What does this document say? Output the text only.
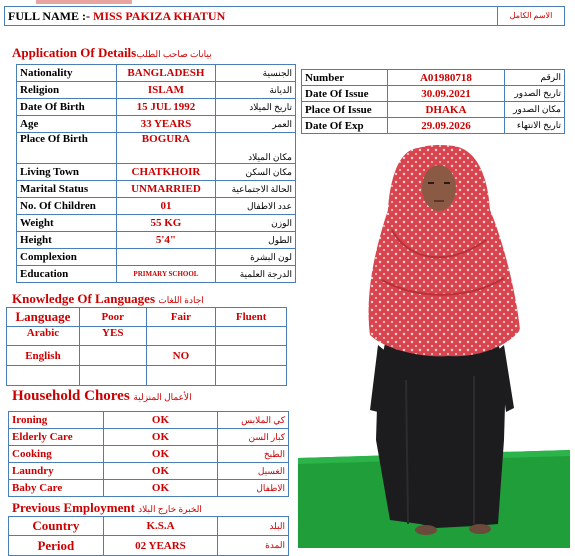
FULL NAME :- MISS PAKIZA KHATUN	الاسم الكامل
Application Of Detailsبيانات صاحب الطلب
Nationality	BANGLADESH	الجنسية
Religion	ISLAM	الديانة
Date Of Birth	15 JUL 1992	تاريخ الميلاد
Age	33 YEARS	العمر
Place Of Birth	BOGURA	مكان الميلاد
Living Town	CHATKHOIR	مكان السكن
Marital Status	UNMARRIED	الحالة الاجتماعية
No. Of Children	01	عدد الاطفال
Weight	55 KG	الوزن
Height	5'4"	الطول
Complexion		لون البشرة
Education	PRIMARY SCHOOL	الدرجة العلمية
Number	A01980718	الرقم
Date Of Issue	30.09.2021	تاريخ الصدور
Place Of Issue	DHAKA	مكان الصدور
Date Of Exp	29.09.2026	تاريخ الانتهاء
Knowledge Of Languages اجادة اللغات
Language	Poor	Fair	Fluent
Arabic	YES		
English		NO	

Household Chores الأعمال المنزلية
Ironing	OK	كي الملابس
Elderly Care	OK	كبار السن
Cooking	OK	الطبخ
Laundry	OK	الغسيل
Baby Care	OK	الاطفال
Previous Employment الخبرة خارج البلاد
Country	K.S.A	البلد
Period	02 YEARS	المدة
